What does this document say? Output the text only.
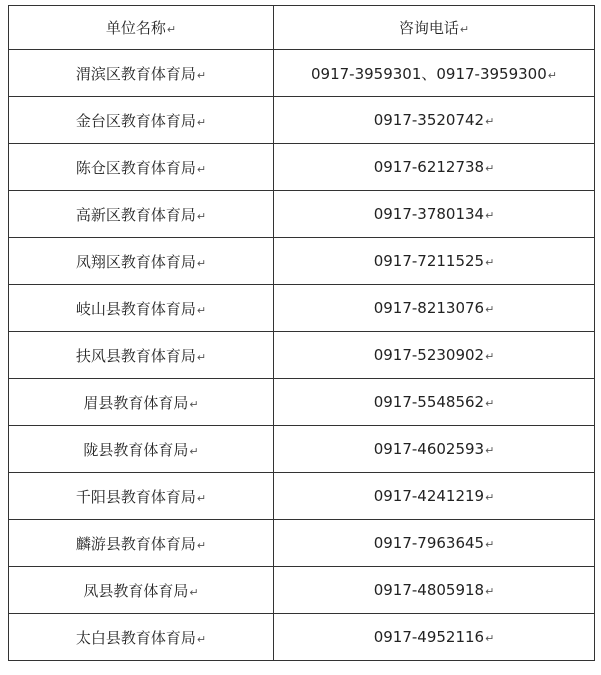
单位名称↵	咨询电话↵
渭滨区教育体育局↵	0917-3959301、0917-3959300↵
金台区教育体育局↵	0917-3520742↵
陈仓区教育体育局↵	0917-6212738↵
高新区教育体育局↵	0917-3780134↵
凤翔区教育体育局↵	0917-7211525↵
岐山县教育体育局↵	0917-8213076↵
扶风县教育体育局↵	0917-5230902↵
眉县教育体育局↵	0917-5548562↵
陇县教育体育局↵	0917-4602593↵
千阳县教育体育局↵	0917-4241219↵
麟游县教育体育局↵	0917-7963645↵
凤县教育体育局↵	0917-4805918↵
太白县教育体育局↵	0917-4952116↵
